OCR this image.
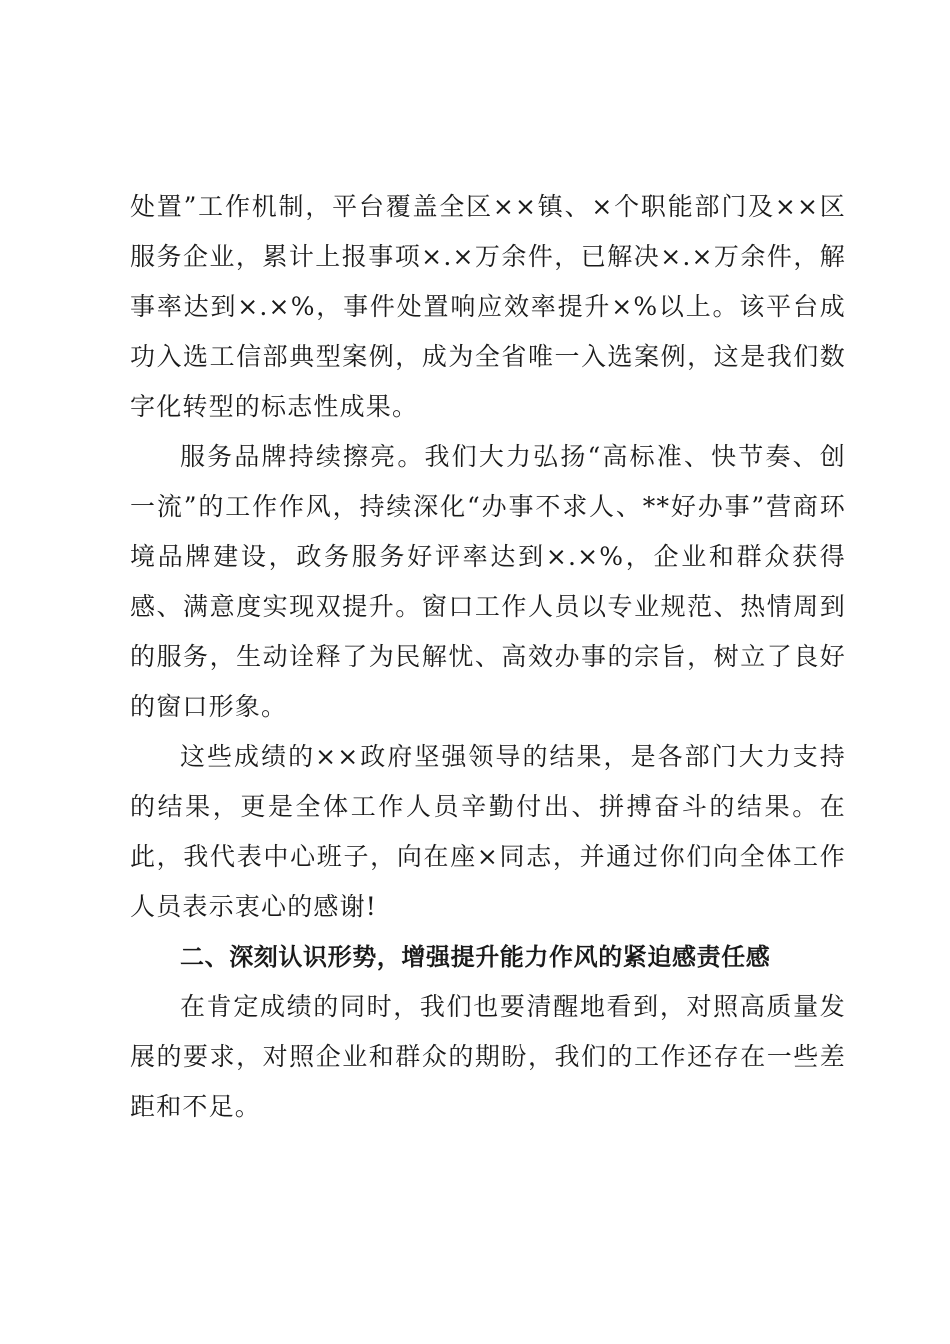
处置”工作机制，平台覆盖全区××镇、×个职能部门及××区服务企业，累计上报事项×.×万余件，已解决×.×万余件，解事率达到×.×%，事件处置响应效率提升×%以上。该平台成功入选工信部典型案例，成为全省唯一入选案例，这是我们数字化转型的标志性成果。

服务品牌持续擦亮。我们大力弘扬“高标准、快节奏、创一流”的工作作风，持续深化“办事不求人、**好办事”营商环境品牌建设，政务服务好评率达到×.×%，企业和群众获得感、满意度实现双提升。窗口工作人员以专业规范、热情周到的服务，生动诠释了为民解忧、高效办事的宗旨，树立了良好的窗口形象。

这些成绩的××政府坚强领导的结果，是各部门大力支持的结果，更是全体工作人员辛勤付出、拼搏奋斗的结果。在此，我代表中心班子，向在座×同志，并通过你们向全体工作人员表示衷心的感谢!

二、深刻认识形势，增强提升能力作风的紧迫感责任感

在肯定成绩的同时，我们也要清醒地看到，对照高质量发展的要求，对照企业和群众的期盼，我们的工作还存在一些差距和不足。
